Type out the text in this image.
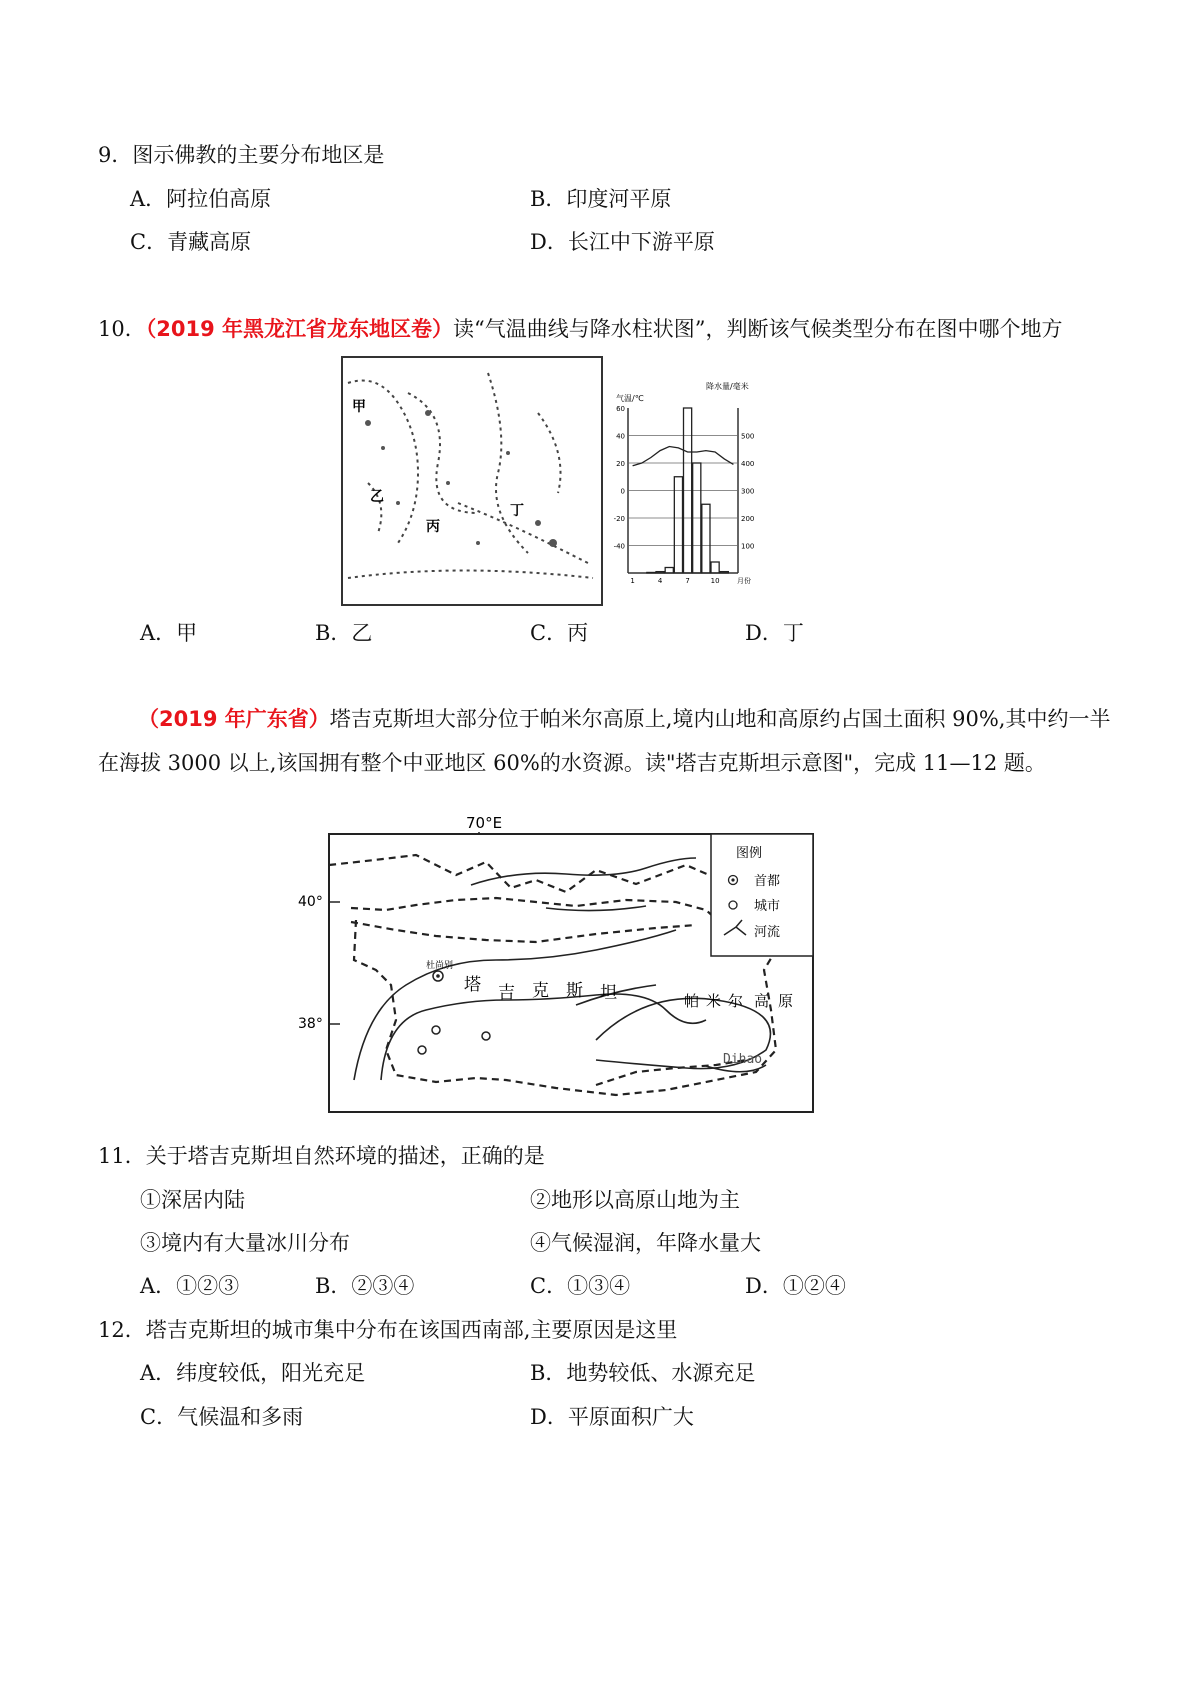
9．图示佛教的主要分布地区是
A．阿拉伯高原	B．印度河平原
C．青藏高原	D．长江中下游平原
10．（2019 年黑龙江省龙东地区卷）读“气温曲线与降水柱状图”，判断该气候类型分布在图中哪个地方
甲
乙
丙
丁
气温/℃
降水量/毫米
60
40
20
0
-20
-40
500
400
300
200
100
1	4	7	10 月份
A．甲	B．乙	C．丙	D．丁
（2019 年广东省）塔吉克斯坦大部分位于帕米尔高原上,境内山地和高原约占国土面积 90%,其中约一半
在海拔 3000 以上,该国拥有整个中亚地区 60%的水资源。读"塔吉克斯坦示意图"，完成 11—12 题。
70°E
40°
38°
杜尚别
塔 吉 克 斯 坦	帕 米 尔 高 原
Dihao
图例
首都
城市
河流
11．关于塔吉克斯坦自然环境的描述，正确的是
①深居内陆	②地形以高原山地为主
③境内有大量冰川分布	④气候湿润，年降水量大
A．①②③	B．②③④	C．①③④	D．①②④
12．塔吉克斯坦的城市集中分布在该国西南部,主要原因是这里
A．纬度较低，阳光充足	B．地势较低、水源充足
C．气候温和多雨	D．平原面积广大
